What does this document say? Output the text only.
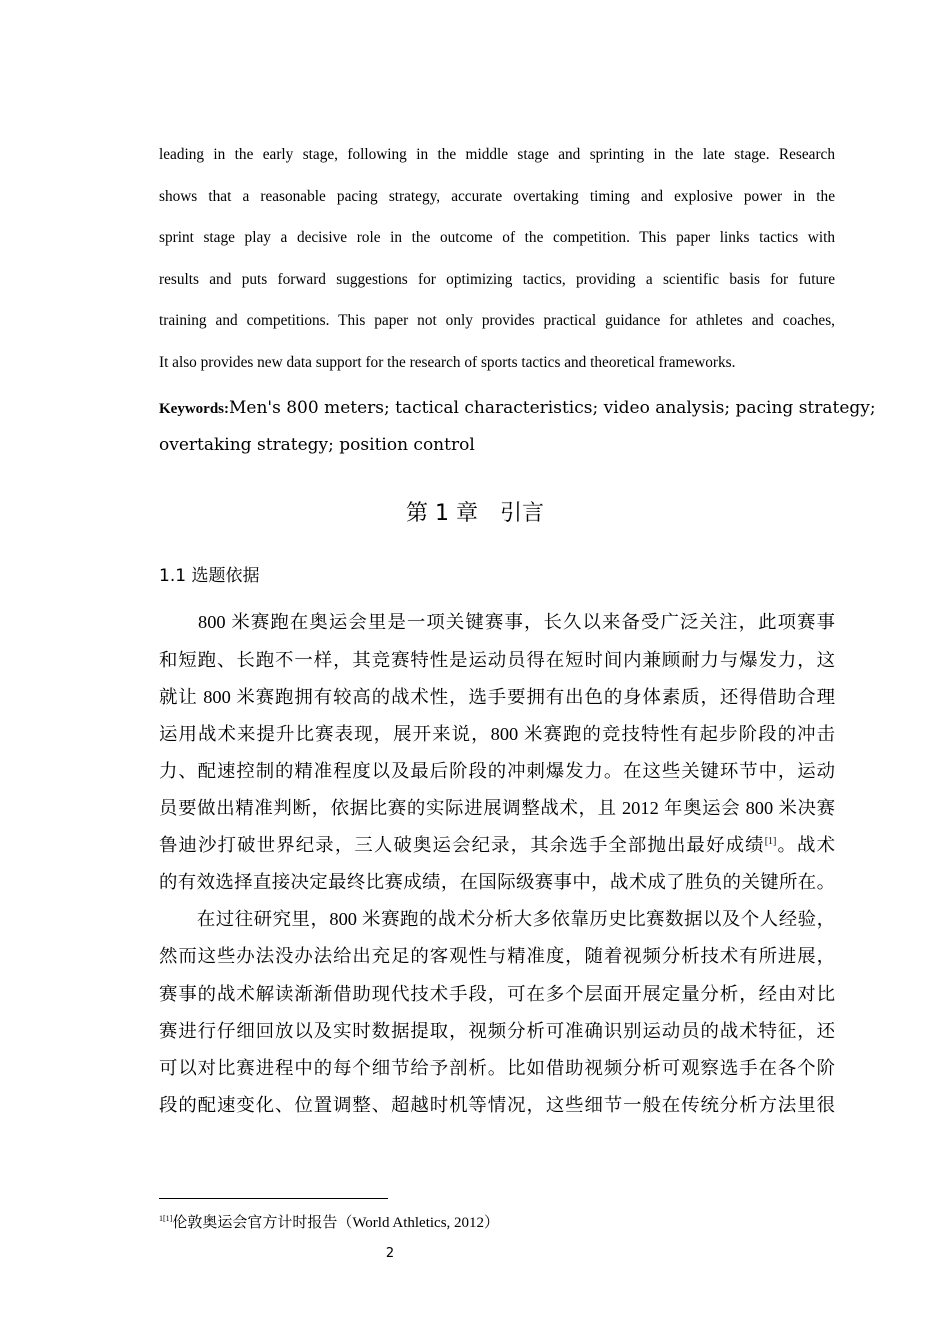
leading in the early stage, following in the middle stage and sprinting in the late stage. Research
shows that a reasonable pacing strategy, accurate overtaking timing and explosive power in the
sprint stage play a decisive role in the outcome of the competition. This paper links tactics with
results and puts forward suggestions for optimizing tactics, providing a scientific basis for future
training and competitions. This paper not only provides practical guidance for athletes and coaches,
It also provides new data support for the research of sports tactics and theoretical frameworks.
Keywords:Men's 800 meters; tactical characteristics; video analysis; pacing strategy;
overtaking strategy; position control
第 1 章　引言
1.1 选题依据
　　800 米赛跑在奥运会里是一项关键赛事，长久以来备受广泛关注，此项赛事
和短跑、长跑不一样，其竞赛特性是运动员得在短时间内兼顾耐力与爆发力，这
就让 800 米赛跑拥有较高的战术性，选手要拥有出色的身体素质，还得借助合理
运用战术来提升比赛表现，展开来说，800 米赛跑的竞技特性有起步阶段的冲击
力、配速控制的精准程度以及最后阶段的冲刺爆发力。在这些关键环节中，运动
员要做出精准判断，依据比赛的实际进展调整战术，且 2012 年奥运会 800 米决赛
鲁迪沙打破世界纪录，三人破奥运会纪录，其余选手全部抛出最好成绩[1]。战术
的有效选择直接决定最终比赛成绩，在国际级赛事中，战术成了胜负的关键所在。
　　在过往研究里，800 米赛跑的战术分析大多依靠历史比赛数据以及个人经验，
然而这些办法没办法给出充足的客观性与精准度，随着视频分析技术有所进展，
赛事的战术解读渐渐借助现代技术手段，可在多个层面开展定量分析，经由对比
赛进行仔细回放以及实时数据提取，视频分析可准确识别运动员的战术特征，还
可以对比赛进程中的每个细节给予剖析。比如借助视频分析可观察选手在各个阶
段的配速变化、位置调整、超越时机等情况，这些细节一般在传统分析方法里很
$^{1[1]}$伦敦奥运会官方计时报告（World Athletics, 2012）
2
